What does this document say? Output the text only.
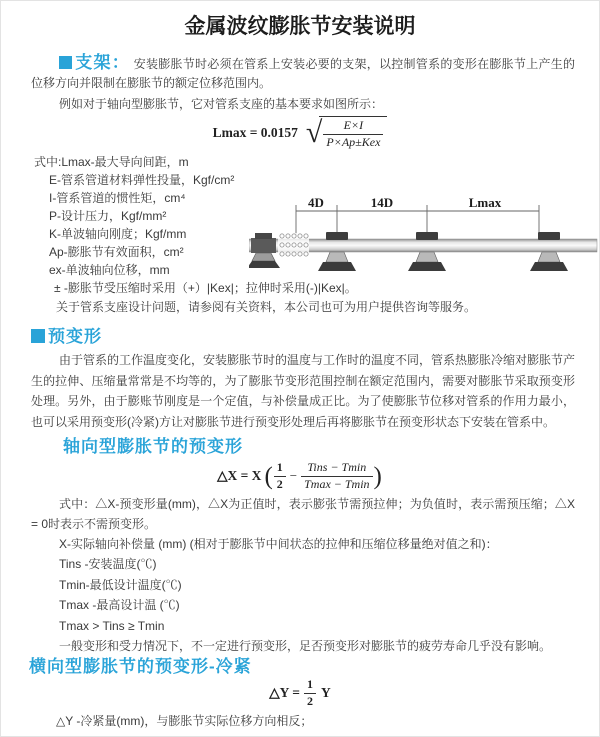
金属波纹膨胀节安装说明

支架： 安装膨胀节时必须在管系上安装必要的支架，以控制管系的变形在膨胀节上产生的位移方向并限制在膨胀节的额定位移范围内。

例如对于轴向型膨胀节，它对管系支座的基本要求如图所示：

Lmax = 0.0157 √
$\frac{E\times I}{\text{P×Ap±Kex}}$
式中:Lmax-最大导向间距，m
E-管系管道材料弹性投量，Kgf/cm²
I-管系管道的惯性矩，cm⁴
P-设计压力，Kgf/mm²
K-单波轴向刚度；Kgf/mm
Ap-膨胀节有效面积，cm²
ex-单波轴向位移，mm
± -膨胀节受压缩时采用（+）|Kex|；拉伸时采用(-)|Kex|。
关于管系支座设计问题，请参阅有关资料，本公司也可为用户提供咨询等服务。
4D	14D	Lmax
预变形

由于管系的工作温度变化，安装膨胀节时的温度与工作时的温度不同，管系热膨胀冷缩对膨胀节产生的拉伸、压缩量常常是不均等的，为了膨胀节变形范围控制在额定范围内，需要对膨胀节采取预变形处理。另外，由于膨账节刚度是一个定值，与补偿量成正比。为了使膨胀节位移对管系的作用力最小，也可以采用预变形(冷紧)方让对膨胀节进行预变形处理后再将膨胀节在预变形状态下安装在管系中。

轴向型膨胀节的预变形
△X = X ( $\frac{1}{2} - \frac{\text{Tins − Tmin}}{Tmax - Tmin}$ )

式中：△X-预变形量(mm)，△X为正值时，表示膨张节需预拉伸；为负值时，表示需预压缩；△X = 0时表示不需预变形。

X-实际轴向补偿量 (mm) (相对于膨胀节中间状态的拉伸和压缩位移量绝对值之和)：
Tins -安装温度(℃)
Tmin-最低设计温度(℃)
Tmax -最高设计温 (℃)
Tmax > Tins ≥ Tmin
一般变形和受力情况下，不一定进行预变形，足否预变形对膨胀节的疲劳寿命几乎没有影响。
横向型膨胀节的预变形-冷紧
△Y = $\frac{1}{2}$ Y
△Y -冷紧量(mm)，与膨胀节实际位移方向相反；
